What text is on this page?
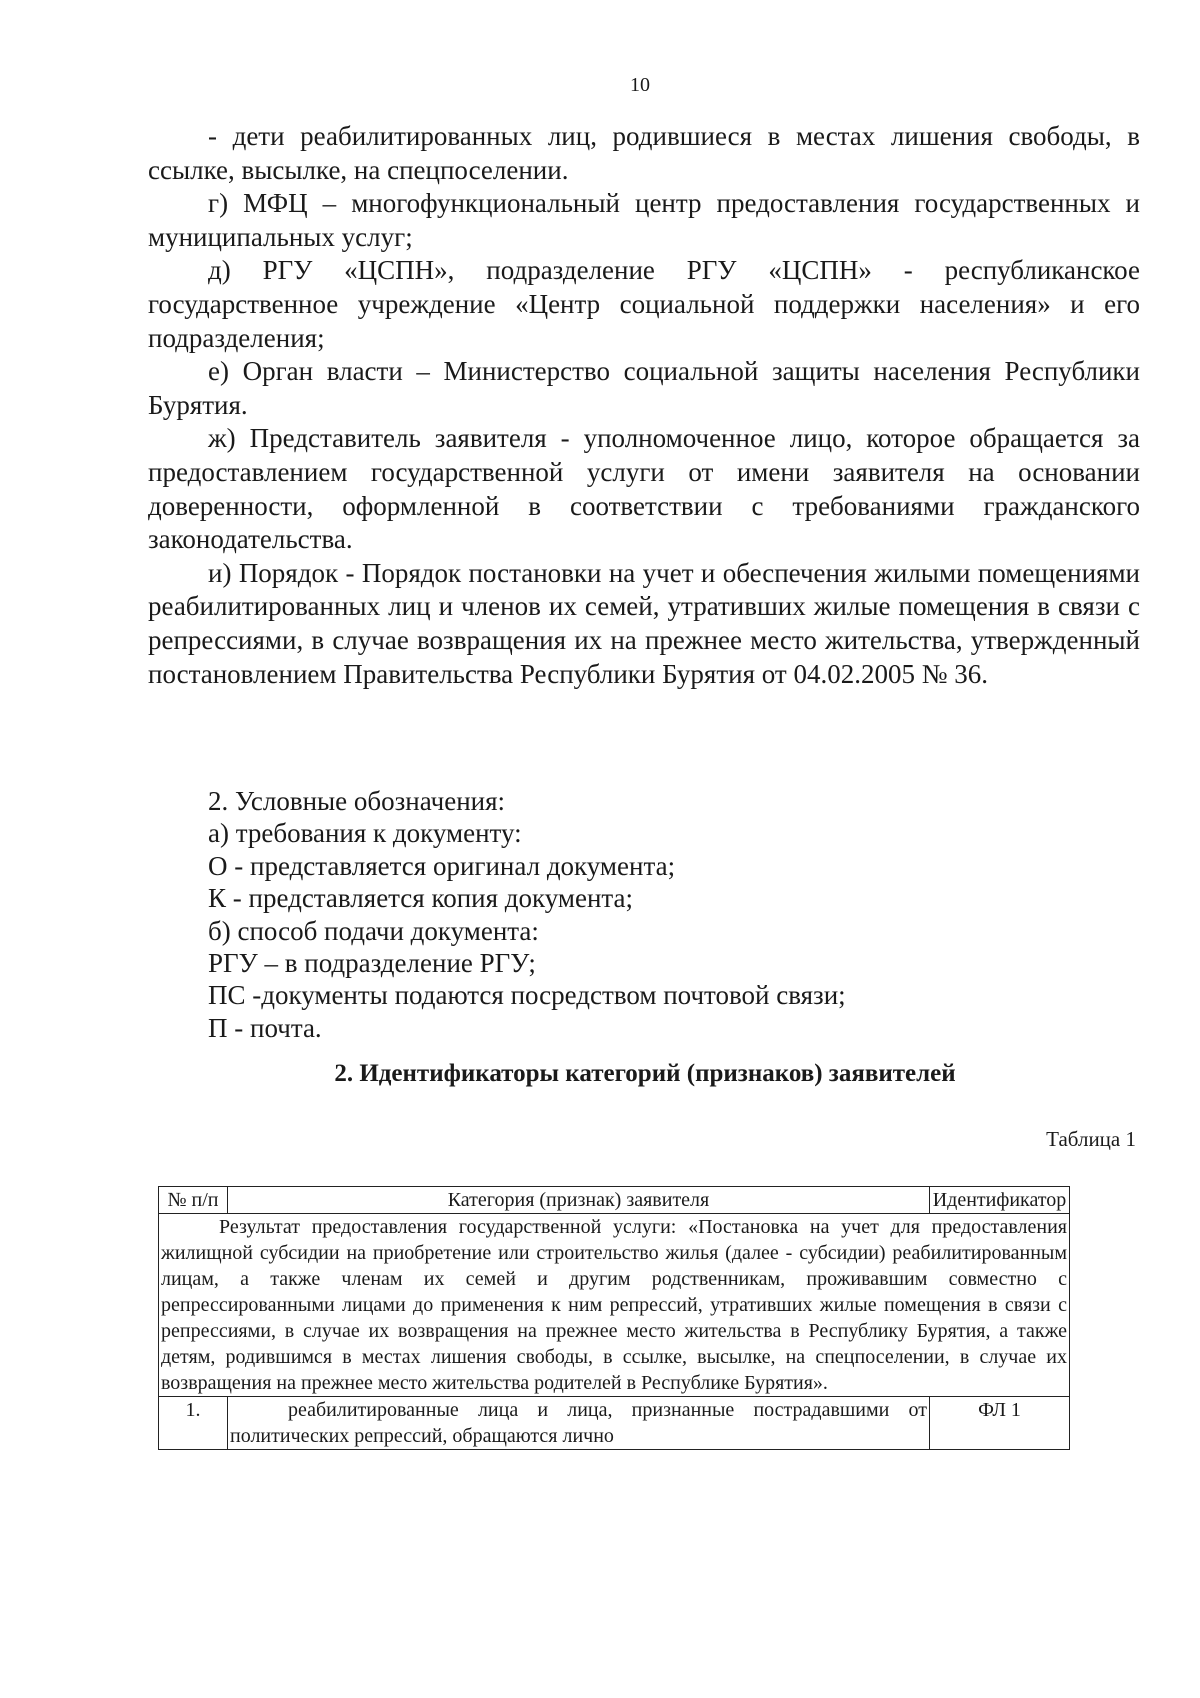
10

- дети реабилитированных лиц, родившиеся в местах лишения свободы, в ссылке, высылке, на спецпоселении.

г) МФЦ – многофункциональный центр предоставления государственных и муниципальных услуг;

д) РГУ «ЦСПН», подразделение РГУ «ЦСПН» - республиканское государственное учреждение «Центр социальной поддержки населения» и его подразделения;

е) Орган власти – Министерство социальной защиты населения Республики Бурятия.

ж) Представитель заявителя - уполномоченное лицо, которое обращается за предоставлением государственной услуги от имени заявителя на основании доверенности, оформленной в соответствии с требованиями гражданского законодательства.

и) Порядок - Порядок постановки на учет и обеспечения жилыми помещениями реабилитированных лиц и членов их семей, утративших жилые помещения в связи с репрессиями, в случае возвращения их на прежнее место жительства, утвержденный постановлением Правительства Республики Бурятия от 04.02.2005 № 36.

2. Условные обозначения:

а) требования к документу:

О - представляется оригинал документа;

К - представляется копия документа;

б) способ подачи документа:

РГУ – в подразделение РГУ;

ПС -документы подаются посредством почтовой связи;

П - почта.

2. Идентификаторы категорий (признаков) заявителей
Таблица 1
№ п/п	Категория (признак) заявителя	Идентификатор
Результат предоставления государственной услуги: «Постановка на учет для предоставления жилищной субсидии на приобретение или строительство жилья (далее - субсидии) реабилитированным лицам, а также членам их семей и другим родственникам, проживавшим совместно с репрессированными лицами до применения к ним репрессий, утративших жилые помещения в связи с репрессиями, в случае их возвращения на прежнее место жительства в Республику Бурятия, а также детям, родившимся в местах лишения свободы, в ссылке, высылке, на спецпоселении, в случае их возвращения на прежнее место жительства родителей в Республике Бурятия».		
1.	реабилитированные лица и лица, признанные пострадавшими от политических репрессий, обращаются лично	ФЛ 1
